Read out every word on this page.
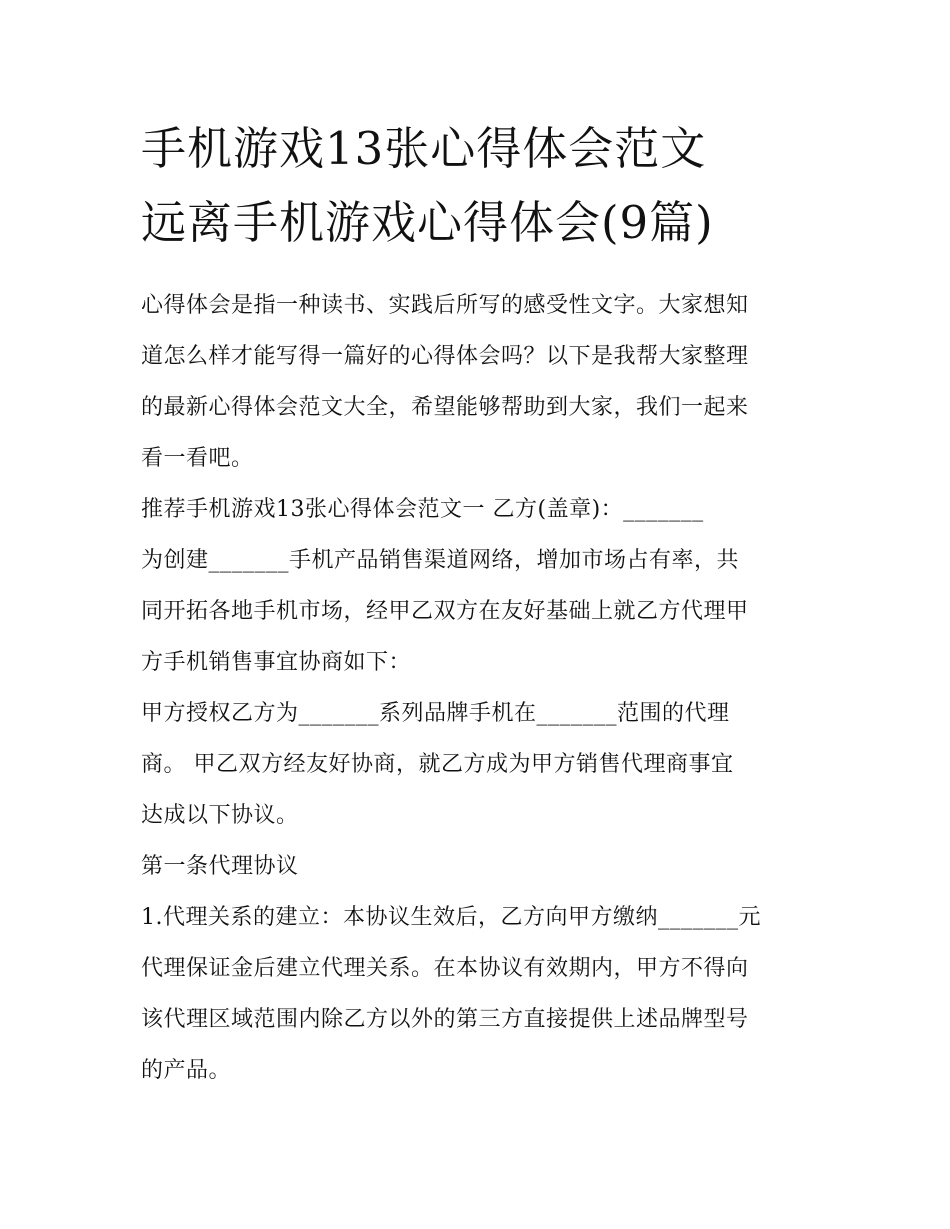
手机游戏13张心得体会范文
远离手机游戏心得体会(9篇)

心得体会是指一种读书、实践后所写的感受性文字。大家想知
道怎么样才能写得一篇好的心得体会吗？以下是我帮大家整理
的最新心得体会范文大全，希望能够帮助到大家，我们一起来
看一看吧。

推荐手机游戏13张心得体会范文一 乙方(盖章)：_______

为创建_______手机产品销售渠道网络，增加市场占有率，共
同开拓各地手机市场，经甲乙双方在友好基础上就乙方代理甲
方手机销售事宜协商如下：

甲方授权乙方为_______系列品牌手机在_______范围的代理
商。 甲乙双方经友好协商，就乙方成为甲方销售代理商事宜
达成以下协议。

第一条代理协议

1.代理关系的建立：本协议生效后，乙方向甲方缴纳_______元
代理保证金后建立代理关系。在本协议有效期内，甲方不得向
该代理区域范围内除乙方以外的第三方直接提供上述品牌型号
的产品。
